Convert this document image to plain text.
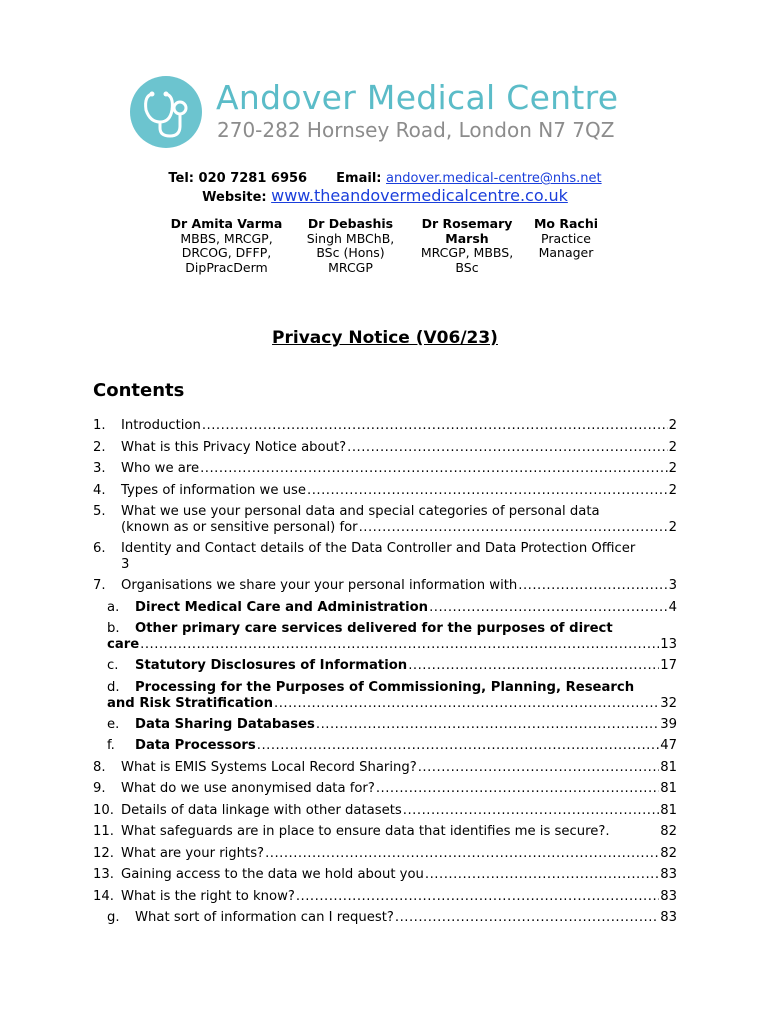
Andover Medical Centre
270-282 Hornsey Road, London N7 7QZ
Tel: 020 7281 6956 Email: andover.medical-centre@nhs.net
Website: www.theandovermedicalcentre.co.uk
Dr Amita Varma
MBBS, MRCGP, DRCOG, DFFP, DipPracDerm
Dr Debashis
Singh MBChB, BSc (Hons) MRCGP
Dr Rosemary Marsh
MRCGP, MBBS, BSc
Mo Rachi
Practice Manager
Privacy Notice (V06/23)
Contents
1.	Introduction .....	2
2.	What is this Privacy Notice about? .....	2
3.	Who we are .....	2
4.	Types of information we use .....	2
5.	What we use your personal data and special categories of personal data
(known as or sensitive personal) for .....	2
6.	Identity and Contact details of the Data Controller and Data Protection Officer
3
7.	Organisations we share your your personal information with .....	3
a.	Direct Medical Care and Administration .....	4
b.	Other primary care services delivered for the purposes of direct
care .....	13
c.	Statutory Disclosures of Information .....	17
d.	Processing for the Purposes of Commissioning, Planning, Research
and Risk Stratification .....	32
e.	Data Sharing Databases .....	39
f.	Data Processors .....	47
8.	What is EMIS Systems Local Record Sharing? .....	81
9.	What do we use anonymised data for? .....	81
10. Details of data linkage with other datasets .....	81
11. What safeguards are in place to ensure data that identifies me is secure?.	82
12. What are your rights? .....	82
13. Gaining access to the data we hold about you .....	83
14. What is the right to know? .....	83
g.	What sort of information can I request? .....	83
